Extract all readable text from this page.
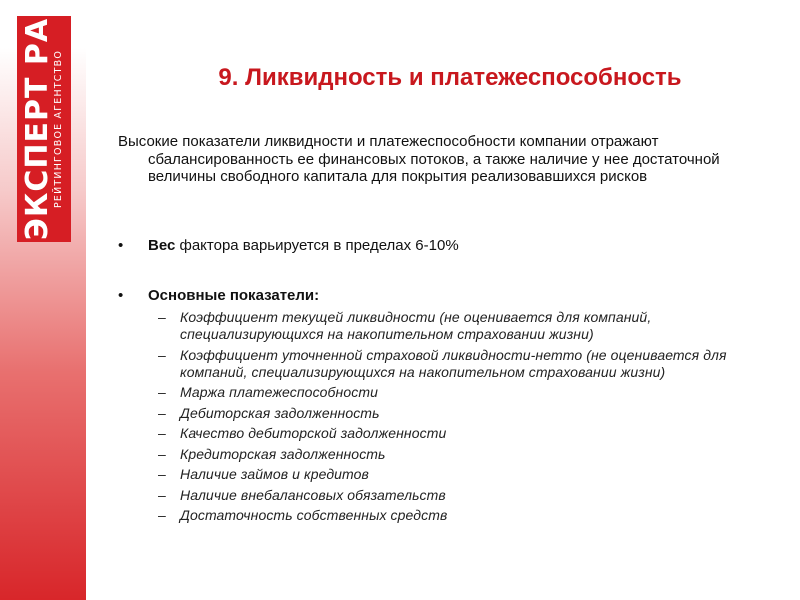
ЭКСПЕРТ РА
РЕЙТИНГОВОЕ АГЕНТСТВО	9. Ликвидность и платежеспособность

Высокие показатели ликвидности и платежеспособности компании отражают сбалансированность ее финансовых потоков, а также наличие у нее достаточной величины свободного капитала для покрытия реализовавшихся рисков

• Вес фактора варьируется в пределах 6-10%
• Основные показатели:
– Коэффициент текущей ликвидности (не оценивается для компаний, специализирующихся на накопительном страховании жизни)
– Коэффициент уточненной страховой ликвидности-нетто (не оценивается для компаний, специализирующихся на накопительном страховании жизни)
– Маржа платежеспособности
– Дебиторская задолженность
– Качество дебиторской задолженности
– Кредиторская задолженность
– Наличие займов и кредитов
– Наличие внебалансовых обязательств
– Достаточность собственных средств
